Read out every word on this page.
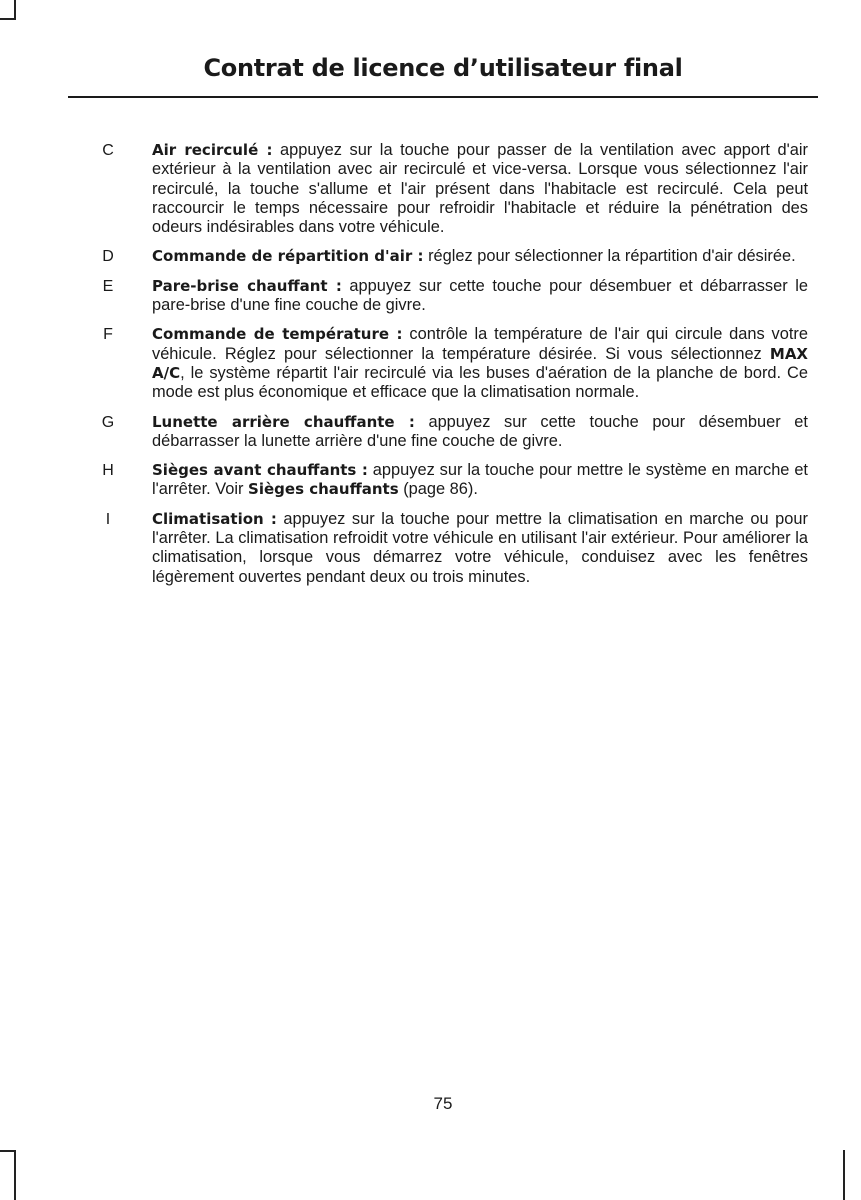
Contrat de licence d’utilisateur final
C	Air recirculé : appuyez sur la touche pour passer de la ventilation avec apport d'air extérieur à la ventilation avec air recirculé et vice-versa. Lorsque vous sélectionnez l'air recirculé, la touche s'allume et l'air présent dans l'habitacle est recirculé. Cela peut raccourcir le temps nécessaire pour refroidir l'habitacle et réduire la pénétration des odeurs indésirables dans votre véhicule.
D	Commande de répartition d'air : réglez pour sélectionner la répartition d'air désirée.
E	Pare-brise chauffant : appuyez sur cette touche pour désembuer et débarrasser le pare-brise d'une fine couche de givre.
F	Commande de température : contrôle la température de l'air qui circule dans votre véhicule. Réglez pour sélectionner la température désirée. Si vous sélectionnez MAX A/C, le système répartit l'air recirculé via les buses d'aération de la planche de bord. Ce mode est plus économique et efficace que la climatisation normale.
G	Lunette arrière chauffante : appuyez sur cette touche pour désembuer et débarrasser la lunette arrière d'une fine couche de givre.
H	Sièges avant chauffants : appuyez sur la touche pour mettre le système en marche et l'arrêter. Voir Sièges chauffants (page 86).
I	Climatisation : appuyez sur la touche pour mettre la climatisation en marche ou pour l'arrêter. La climatisation refroidit votre véhicule en utilisant l'air extérieur. Pour améliorer la climatisation, lorsque vous démarrez votre véhicule, conduisez avec les fenêtres légèrement ouvertes pendant deux ou trois minutes.
75
